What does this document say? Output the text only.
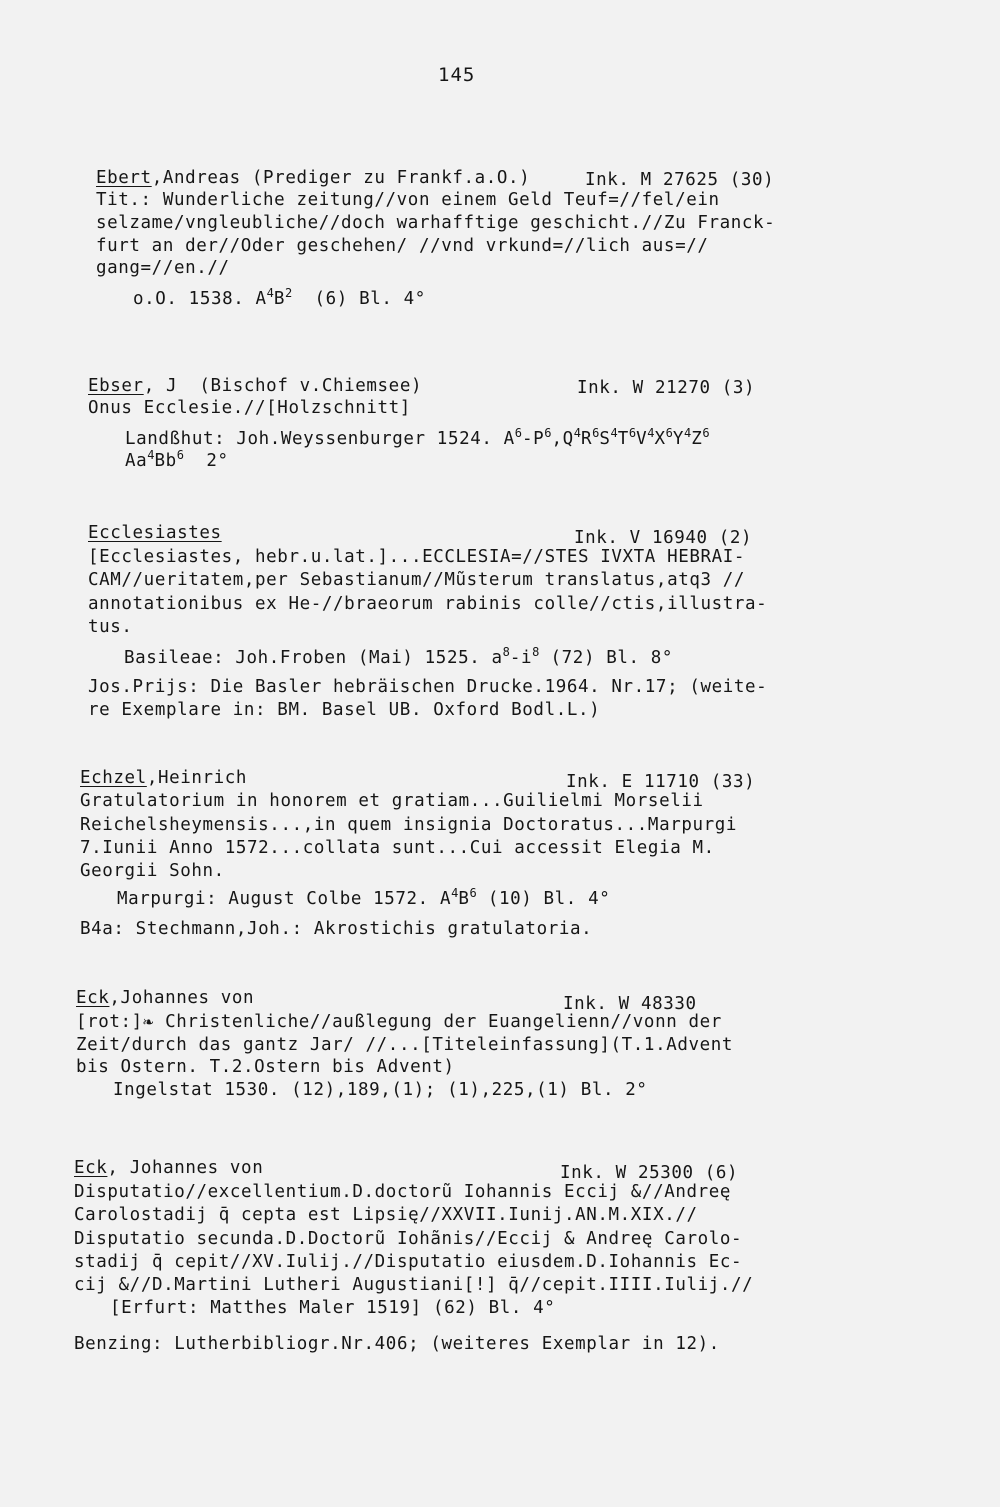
145
Ebert,Andreas (Prediger zu Frankf.a.O.)	Ink. M 27625 (30)
Tit.: Wunderliche zeitung//von einem Geld Teuf=//fel/ein
selzame/vngleubliche//doch warhafftige geschicht.//Zu Franck-
furt an der//Oder geschehen/ //vnd vrkund=//lich aus=//
gang=//en.//
o.O. 1538. $A^4B^2$ (6) Bl. 4°
Ebser, J  (Bischof v.Chiemsee)	Ink. W 21270 (3)
Onus Ecclesie.//[Holzschnitt]
Landßhut: Joh.Weyssenburger 1524. $A^6-P^6,Q^4R^6S^4T^6V^4X^6Y^4Z^6$
Aa$^4$Bb$^6$ 2°
Ecclesiastes	Ink. V 16940 (2)
[Ecclesiastes, hebr.u.lat.]...ECCLESIA=//STES IVXTA HEBRAI-
CAM//ueritatem,per Sebastianum//Mũsterum translatus,atq3 //
annotationibus ex He-//braeorum rabinis colle//ctis,illustra-
tus.
Basileae: Joh.Froben (Mai) 1525. $a^8-i^8$ (72) Bl. 8°
Jos.Prijs: Die Basler hebräischen Drucke.1964. Nr.17; (weite-
re Exemplare in: BM. Basel UB. Oxford Bodl.L.)
Echzel,Heinrich	Ink. E 11710 (33)
Gratulatorium in honorem et gratiam...Guilielmi Morselii
Reichelsheymensis...,in quem insignia Doctoratus...Marpurgi
7.Iunii Anno 1572...collata sunt...Cui accessit Elegia M.
Georgii Sohn.
Marpurgi: August Colbe 1572. $A^4B^6$ (10) Bl. 4°
B4a: Stechmann,Joh.: Akrostichis gratulatoria.
Eck,Johannes von	Ink. W 48330
[rot:]❧ Christenliche//außlegung der Euangelienn//vonn der
Zeit/durch das gantz Jar/ //...[Titeleinfassung](T.1.Advent
bis Ostern. T.2.Ostern bis Advent)
Ingelstat 1530. (12),189,(1); (1),225,(1) Bl. 2°
Eck, Johannes von	Ink. W 25300 (6)
Disputatio//excellentium.D.doctorũ Iohannis Eccij &//Andreę
Carolostadij q̄ cepta est Lipsię//XXVII.Iunij.AN.M.XIX.//
Disputatio secunda.D.Doctorũ Iohãnis//Eccij & Andreę Carolo-
stadij q̄ cepit//XV.Iulij.//Disputatio eiusdem.D.Iohannis Ec-
cij &//D.Martini Lutheri Augustiani[!] q̄//cepit.IIII.Iulij.//
[Erfurt: Matthes Maler 1519] (62) Bl. 4°
Benzing: Lutherbibliogr.Nr.406; (weiteres Exemplar in 12).
